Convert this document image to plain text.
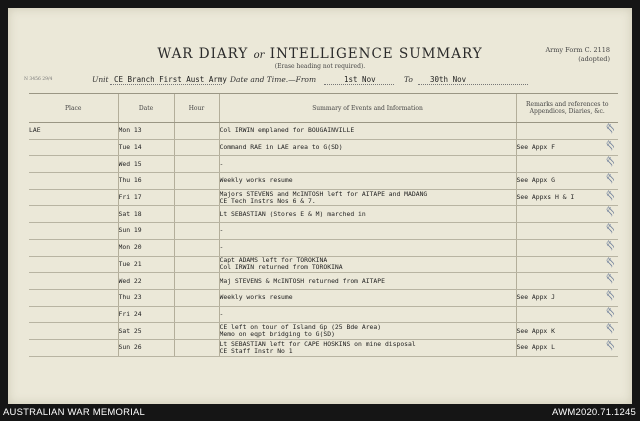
WAR DIARY or INTELLIGENCE SUMMARY
(Erase heading not required).
Army Form C. 2118
(adopted)
N 3456 29/4	Unit CE Branch First Aust Army Date and Time.—From	1st Nov	To 30th Nov
Place	Date	Hour	Summary of Events and Information	Remarks and references to
Appendices, Diaries, &c.

LAE	Mon 13		Col IRWIN emplaned for BOUGAINVILLE	ff

	Tue 14		Command RAE in LAE area to G(SD)	See Appx F ff

	Wed 15		-	ff

	Thu 16		Weekly works resume	See Appx G ff

	Fri 17		Majors STEVENS and McINTOSH left for AITAPE and MADANG
CE Tech Instrs Nos 6 & 7.	See Appxs H & I ff

	Sat 18		Lt SEBASTIAN (Stores E & M) marched in	ff

	Sun 19		-	ff

	Mon 20		-	ff

	Tue 21		Capt ADAMS left for TOROKINA
Col IRWIN returned from TOROKINA	ff

	Wed 22		Maj STEVENS & McINTOSH returned from AITAPE	ff

	Thu 23		Weekly works resume	See Appx J ff

	Fri 24		-	ff

	Sat 25		CE left on tour of Island Gp (25 Bde Area)
Memo on eqpt bridging to G(SD)	See Appx K ff

	Sun 26		Lt SEBASTIAN left for CAPE HOSKINS on mine disposal
CE Staff Instr No 1	See Appx L ff
AUSTRALIAN WAR MEMORIAL	AWM2020.71.1245
